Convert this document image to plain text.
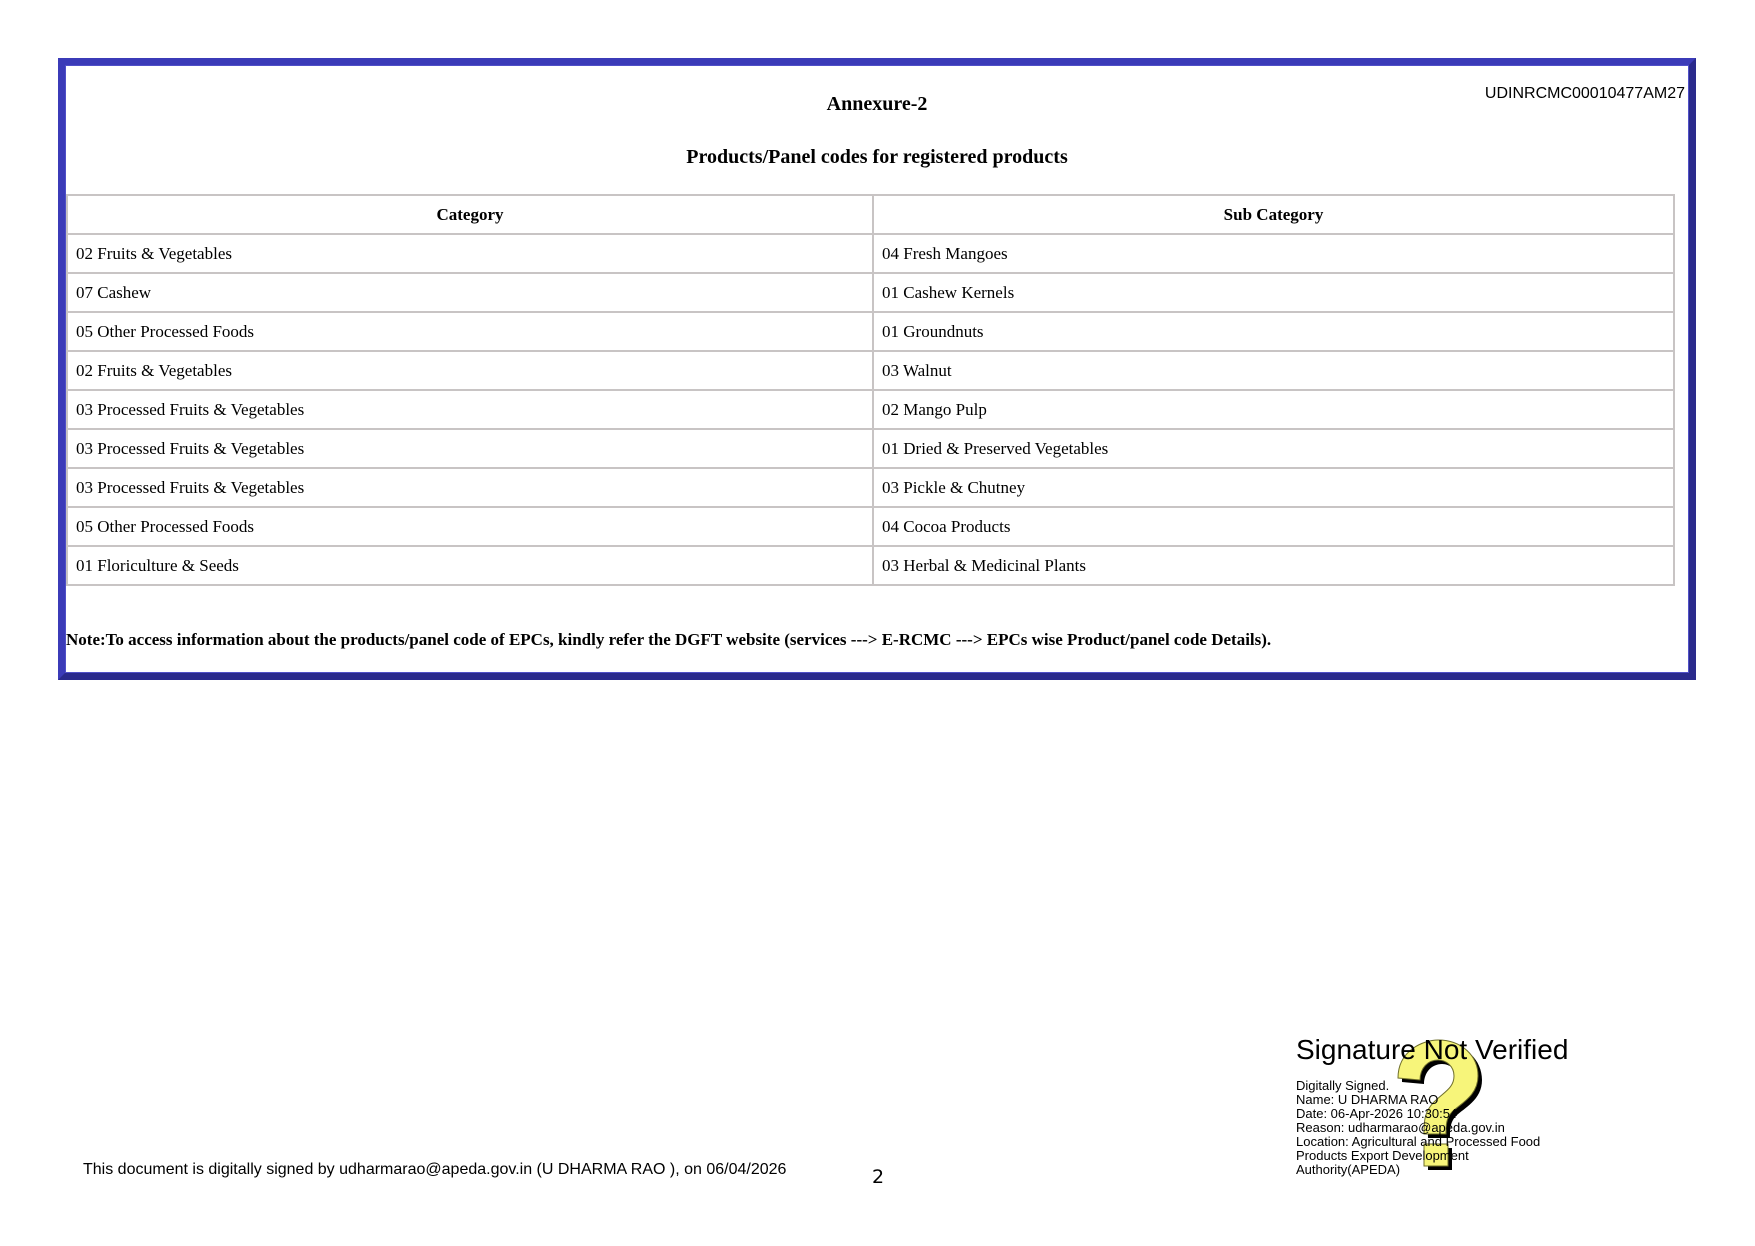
UDINRCMC00010477AM27
Annexure-2
Products/Panel codes for registered products
Category	Sub Category
02 Fruits & Vegetables	04 Fresh Mangoes
07 Cashew	01 Cashew Kernels
05 Other Processed Foods	01 Groundnuts
02 Fruits & Vegetables	03 Walnut
03 Processed Fruits & Vegetables	02 Mango Pulp
03 Processed Fruits & Vegetables	01 Dried & Preserved Vegetables
03 Processed Fruits & Vegetables	03 Pickle & Chutney
05 Other Processed Foods	04 Cocoa Products
01 Floriculture & Seeds	03 Herbal & Medicinal Plants
Note:To access information about the products/panel code of EPCs, kindly refer the DGFT website (services ---> E-RCMC ---> EPCs wise Product/panel code Details).
This document is digitally signed by udharmarao@apeda.gov.in (U DHARMA RAO ), on 06/04/2026	2
Signature Not Verified
Digitally Signed.
Name: U DHARMA RAO
Date: 06-Apr-2026 10:30:54
Reason: udharmarao@apeda.gov.in
Location: Agricultural and Processed Food
Products Export Development
Authority(APEDA)
